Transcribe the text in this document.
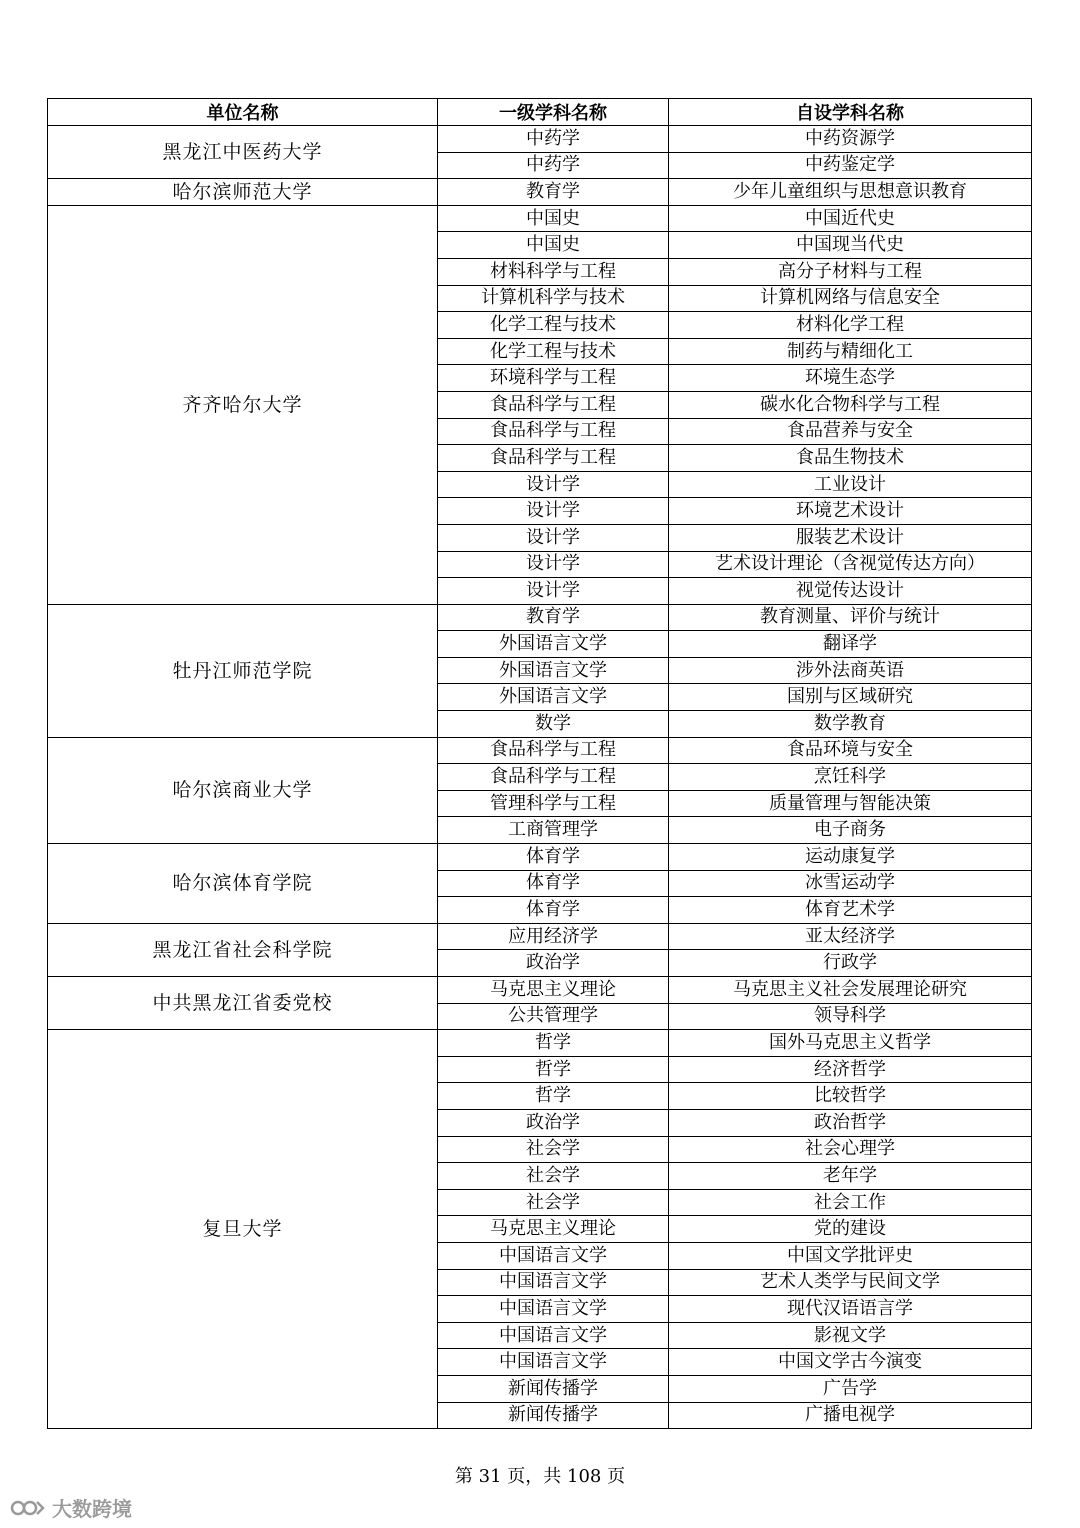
单位名称	一级学科名称	自设学科名称
黑龙江中医药大学	中药学	中药资源学
	中药学	中药鉴定学
哈尔滨师范大学	教育学	少年儿童组织与思想意识教育
齐齐哈尔大学	中国史	中国近代史
	中国史	中国现当代史
	材料科学与工程	高分子材料与工程
	计算机科学与技术	计算机网络与信息安全
	化学工程与技术	材料化学工程
	化学工程与技术	制药与精细化工
	环境科学与工程	环境生态学
	食品科学与工程	碳水化合物科学与工程
	食品科学与工程	食品营养与安全
	食品科学与工程	食品生物技术
	设计学	工业设计
	设计学	环境艺术设计
	设计学	服装艺术设计
	设计学	艺术设计理论（含视觉传达方向）
	设计学	视觉传达设计
牡丹江师范学院	教育学	教育测量、评价与统计
	外国语言文学	翻译学
	外国语言文学	涉外法商英语
	外国语言文学	国别与区域研究
	数学	数学教育
哈尔滨商业大学	食品科学与工程	食品环境与安全
	食品科学与工程	烹饪科学
	管理科学与工程	质量管理与智能决策
	工商管理学	电子商务
哈尔滨体育学院	体育学	运动康复学
	体育学	冰雪运动学
	体育学	体育艺术学
黑龙江省社会科学院	应用经济学	亚太经济学
	政治学	行政学
中共黑龙江省委党校	马克思主义理论	马克思主义社会发展理论研究
	公共管理学	领导科学
复旦大学	哲学	国外马克思主义哲学
	哲学	经济哲学
	哲学	比较哲学
	政治学	政治哲学
	社会学	社会心理学
	社会学	老年学
	社会学	社会工作
	马克思主义理论	党的建设
	中国语言文学	中国文学批评史
	中国语言文学	艺术人类学与民间文学
	中国语言文学	现代汉语语言学
	中国语言文学	影视文学
	中国语言文学	中国文学古今演变
	新闻传播学	广告学
	新闻传播学	广播电视学
第 31 页，共 108 页
大数跨境
